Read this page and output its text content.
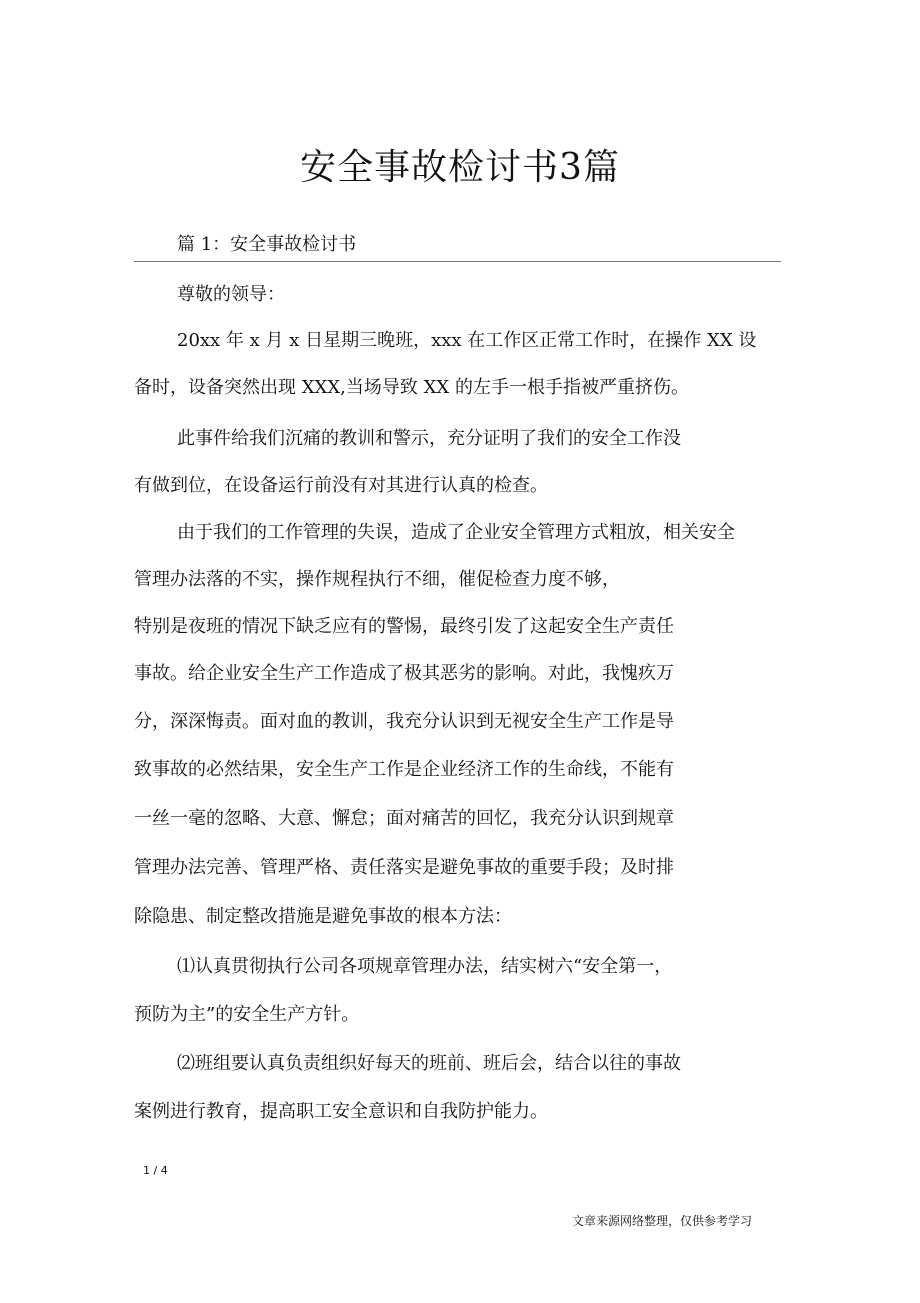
安全事故检讨书3篇
篇 1：安全事故检讨书
尊敬的领导：
20xx 年 x 月 x 日星期三晚班，xxx 在工作区正常工作时，在操作 XX 设
备时，设备突然出现 XXX,当场导致 XX 的左手一根手指被严重挤伤。
此事件给我们沉痛的教训和警示，充分证明了我们的安全工作没
有做到位，在设备运行前没有对其进行认真的检查。
由于我们的工作管理的失误，造成了企业安全管理方式粗放，相关安全
管理办法落的不实，操作规程执行不细，催促检查力度不够，
特别是夜班的情况下缺乏应有的警惕，最终引发了这起安全生产责任
事故。给企业安全生产工作造成了极其恶劣的影响。对此，我愧疚万
分，深深悔责。面对血的教训，我充分认识到无视安全生产工作是导
致事故的必然结果，安全生产工作是企业经济工作的生命线，不能有
一丝一毫的忽略、大意、懈怠；面对痛苦的回忆，我充分认识到规章
管理办法完善、管理严格、责任落实是避免事故的重要手段；及时排
除隐患、制定整改措施是避免事故的根本方法：
⑴认真贯彻执行公司各项规章管理办法，结实树六“安全第一，
预防为主”的安全生产方针。
⑵班组要认真负责组织好每天的班前、班后会，结合以往的事故
案例进行教育，提高职工安全意识和自我防护能力。
1 / 4
文章来源网络整理，仅供参考学习
